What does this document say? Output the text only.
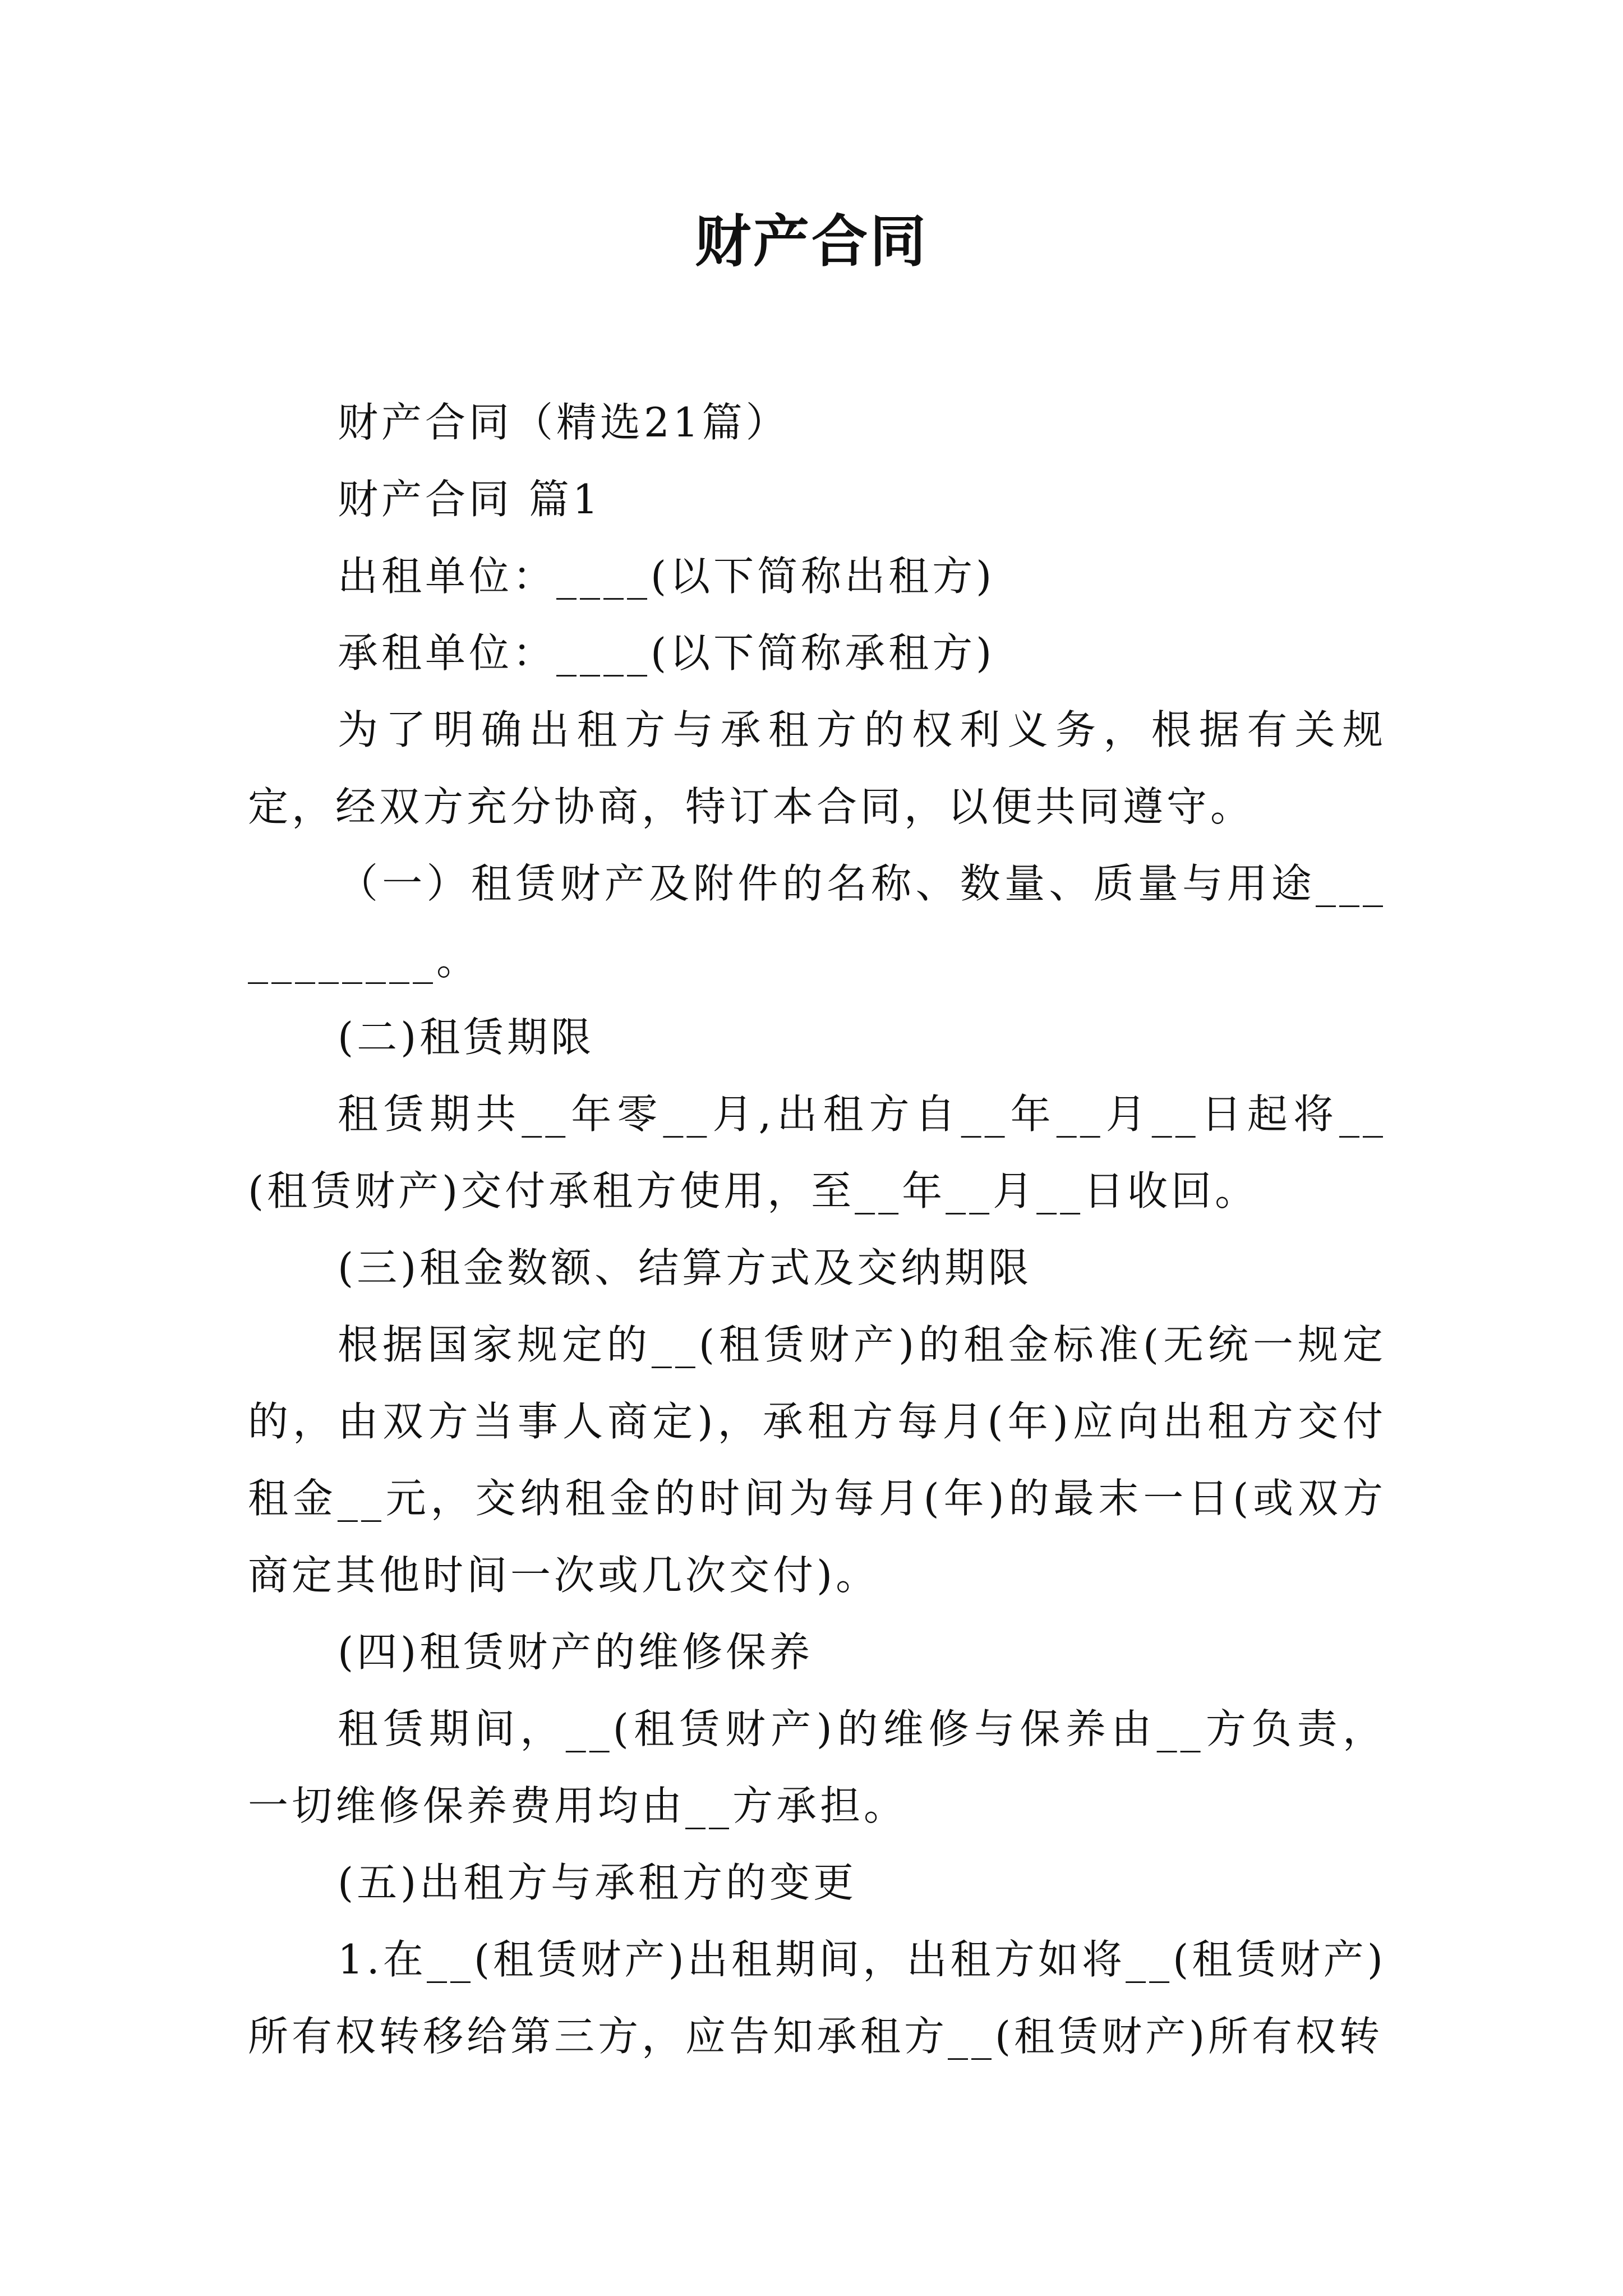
财产合同

财产合同（精选21篇）

财产合同 篇1

出租单位：____(以下简称出租方)

承租单位：____(以下简称承租方)

为了明确出租方与承租方的权利义务，根据有关规定，经双方充分协商，特订本合同，以便共同遵守。

（一）租赁财产及附件的名称、数量、质量与用途___________。

(二)租赁期限

租赁期共__年零__月,出租方自__年__月__日起将__(租赁财产)交付承租方使用，至__年__月__日收回。

(三)租金数额、结算方式及交纳期限

根据国家规定的__(租赁财产)的租金标准(无统一规定的，由双方当事人商定)，承租方每月(年)应向出租方交付租金__元，交纳租金的时间为每月(年)的最末一日(或双方商定其他时间一次或几次交付)。

(四)租赁财产的维修保养

租赁期间，__(租赁财产)的维修与保养由__方负责，一切维修保养费用均由__方承担。

(五)出租方与承租方的变更

1.在__(租赁财产)出租期间，出租方如将__(租赁财产)所有权转移给第三方，应告知承租方__(租赁财产)所有权转
